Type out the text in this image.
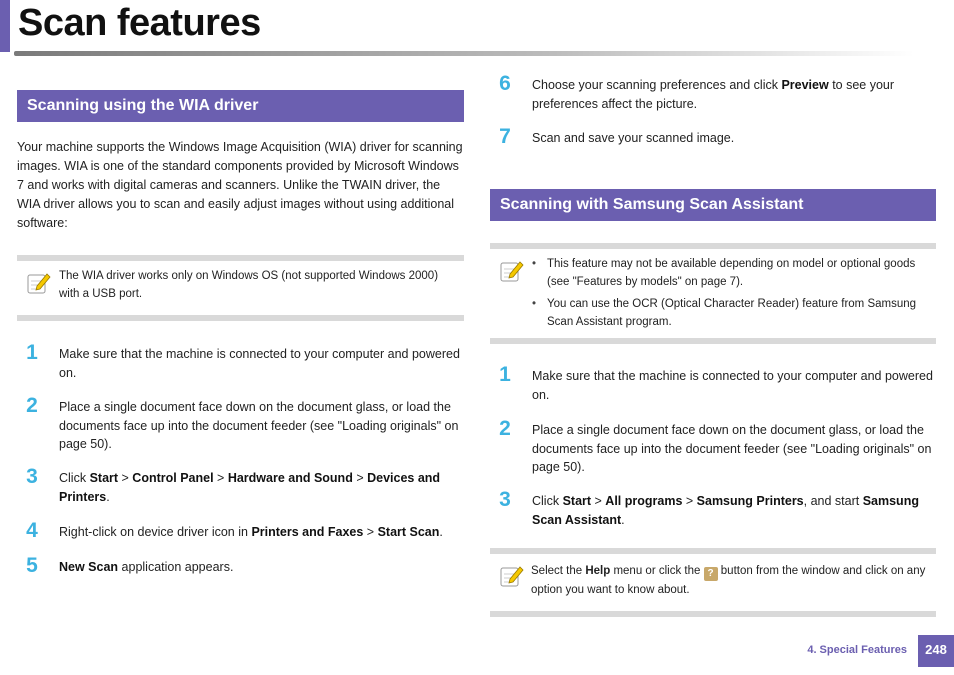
Scan features
Scanning using the WIA driver

Your machine supports the Windows Image Acquisition (WIA) driver for scanning images. WIA is one of the standard components provided by Microsoft Windows 7 and works with digital cameras and scanners. Unlike the TWAIN driver, the WIA driver allows you to scan and easily adjust images without using additional software:

The WIA driver works only on Windows OS (not supported Windows 2000) with a USB port.

1	Make sure that the machine is connected to your computer and powered on.

2	Place a single document face down on the document glass, or load the documents face up into the document feeder (see "Loading originals" on page 50).

3	Click Start > Control Panel > Hardware and Sound > Devices and Printers.

4	Right-click on device driver icon in Printers and Faxes > Start Scan.

5	New Scan application appears.

6	Choose your scanning preferences and click Preview to see your preferences affect the picture.

7	Scan and save your scanned image.

Scanning with Samsung Scan Assistant
• This feature may not be available depending on model or optional goods (see "Features by models" on page 7).
• You can use the OCR (Optical Character Reader) feature from Samsung Scan Assistant program.
1	Make sure that the machine is connected to your computer and powered on.

2	Place a single document face down on the document glass, or load the documents face up into the document feeder (see "Loading originals" on page 50).

3	Click Start > All programs > Samsung Printers, and start Samsung Scan Assistant.

Select the Help menu or click the ? button from the window and click on any option you want to know about.

4. Special Features	248
